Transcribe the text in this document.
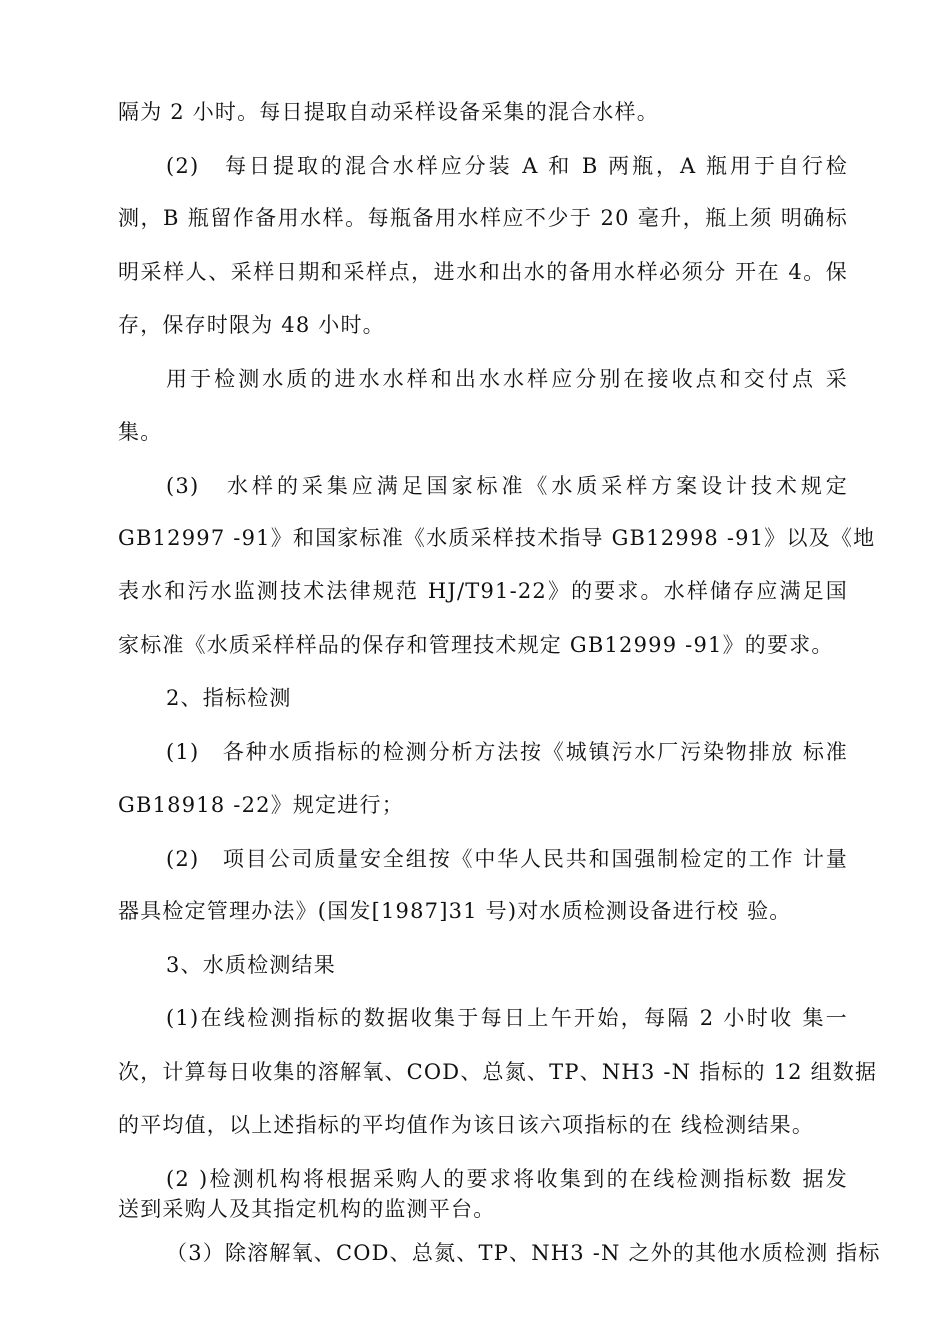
隔为 2 小时。每日提取自动采样设备采集的混合水样。
(2)　每日提取的混合水样应分装 A 和 B 两瓶，A 瓶用于自行检
测，B 瓶留作备用水样。每瓶备用水样应不少于 20 毫升，瓶上须 明确标
明采样人、采样日期和采样点，进水和出水的备用水样必须分 开在 4。保
存，保存时限为 48 小时。
用于检测水质的进水水样和出水水样应分别在接收点和交付点 采
集。
(3)　水样的采集应满足国家标准《水质采样方案设计技术规定
GB12997 -91》和国家标准《水质采样技术指导 GB12998 -91》以及《地
表水和污水监测技术法律规范 HJ/T91-22》的要求。水样储存应满足国
家标准《水质采样样品的保存和管理技术规定 GB12999 -91》的要求。
2、指标检测
(1)　各种水质指标的检测分析方法按《城镇污水厂污染物排放 标准
GB18918 -22》规定进行；
(2)　项目公司质量安全组按《中华人民共和国强制检定的工作 计量
器具检定管理办法》(国发[1987]31 号)对水质检测设备进行校 验。
3、水质检测结果
(1)在线检测指标的数据收集于每日上午开始，每隔 2 小时收 集一
次，计算每日收集的溶解氧、COD、总氮、TP、NH3 -N 指标的 12 组数据
的平均值，以上述指标的平均值作为该日该六项指标的在 线检测结果。
(2 )检测机构将根据采购人的要求将收集到的在线检测指标数 据发
送到采购人及其指定机构的监测平台。
（3）除溶解氧、COD、总氮、TP、NH3 -N 之外的其他水质检测 指标
